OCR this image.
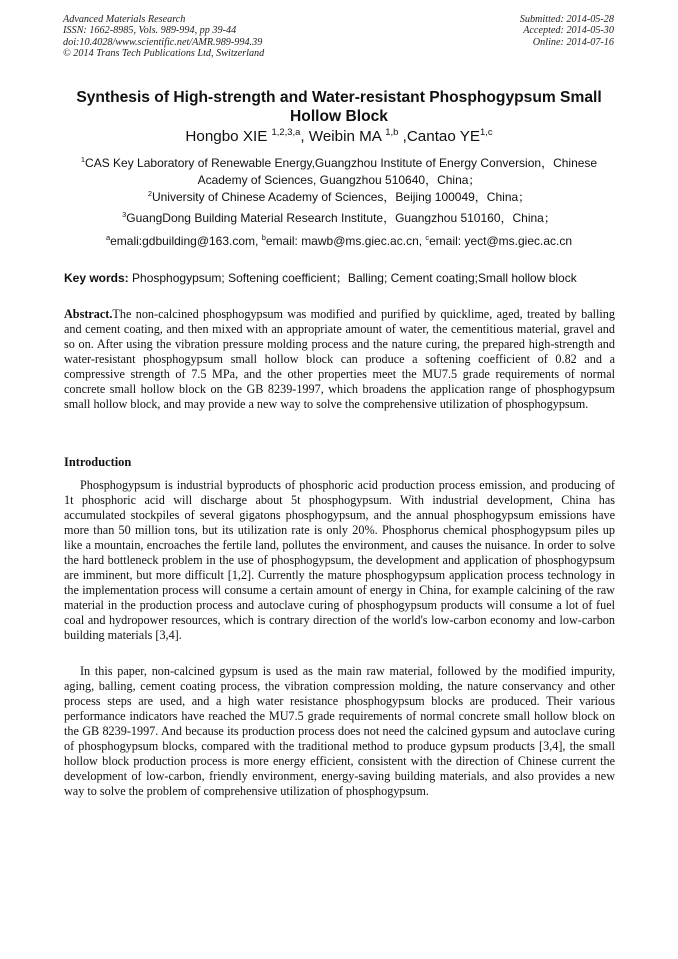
Advanced Materials Research
ISSN: 1662-8985, Vols. 989-994, pp 39-44
doi:10.4028/www.scientific.net/AMR.989-994.39
© 2014 Trans Tech Publications Ltd, Switzerland
Submitted: 2014-05-28
Accepted: 2014-05-30
Online: 2014-07-16
Synthesis of High-strength and Water-resistant Phosphogypsum Small Hollow Block
Hongbo XIE $^{1,2,3,a}$, Weibin MA $^{1,b}$ ,Cantao YE$^{1,c}$
$^1$CAS Key Laboratory of Renewable Energy,Guangzhou Institute of Energy Conversion，Chinese Academy of Sciences, Guangzhou 510640，China；
$^2$University of Chinese Academy of Sciences，Beijing 100049，China；
$^3$GuangDong Building Material Research Institute，Guangzhou 510160，China；
$^a$emali:gdbuilding@163.com, $^b$email: mawb@ms.giec.ac.cn, $^c$email: yect@ms.giec.ac.cn
Key words: Phosphogypsum; Softening coefficient；Balling; Cement coating;Small hollow block
Abstract.The non-calcined phosphogypsum was modified and purified by quicklime, aged, treated by balling and cement coating, and then mixed with an appropriate amount of water, the cementitious material, gravel and so on. After using the vibration pressure molding process and the nature curing, the prepared high-strength and water-resistant phosphogypsum small hollow block can produce a softening coefficient of 0.82 and a compressive strength of 7.5 MPa, and the other properties meet the MU7.5 grade requirements of normal concrete small hollow block on the GB 8239-1997, which broadens the application range of phosphogypsum small hollow block, and may provide a new way to solve the comprehensive utilization of phosphogypsum.
Introduction
Phosphogypsum is industrial byproducts of phosphoric acid production process emission, and producing of 1t phosphoric acid will discharge about 5t phosphogypsum. With industrial development, China has accumulated stockpiles of several gigatons phosphogypsum, and the annual phosphogypsum emissions have more than 50 million tons, but its utilization rate is only 20%. Phosphorus chemical phosphogypsum piles up like a mountain, encroaches the fertile land, pollutes the environment, and causes the nuisance. In order to solve the hard bottleneck problem in the use of phosphogypsum, the development and application of phosphogypsum are imminent, but more difficult [1,2]. Currently the mature phosphogypsum application process technology in the implementation process will consume a certain amount of energy in China, for example calcining of the raw material in the production process and autoclave curing of phosphogypsum products will consume a lot of fuel coal and hydropower resources, which is contrary direction of the world's low-carbon economy and low-carbon building materials [3,4].
In this paper, non-calcined gypsum is used as the main raw material, followed by the modified impurity, aging, balling, cement coating process, the vibration compression molding, the nature conservancy and other process steps are used, and a high water resistance phosphogypsum blocks are produced. Their various performance indicators have reached the MU7.5 grade requirements of normal concrete small hollow block on the GB 8239-1997. And because its production process does not need the calcined gypsum and autoclave curing of phosphogypsum blocks, compared with the traditional method to produce gypsum products [3,4], the small hollow block production process is more energy efficient, consistent with the direction of Chinese current the development of low-carbon, friendly environment, energy-saving building materials, and also provides a new way to solve the problem of comprehensive utilization of phosphogypsum.
